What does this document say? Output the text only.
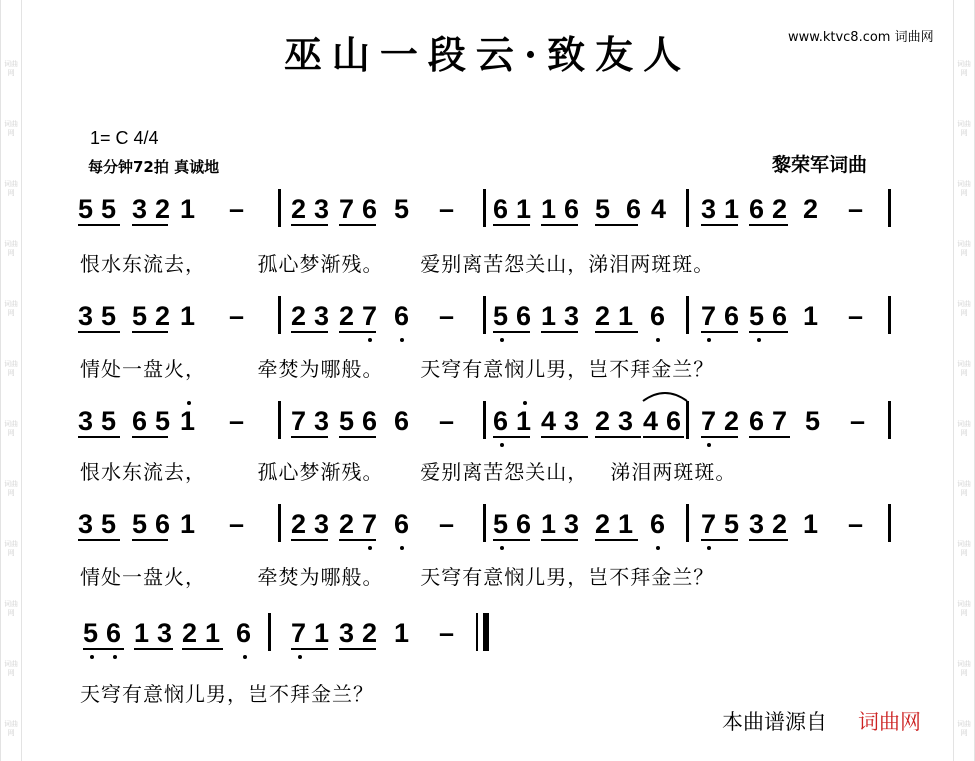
词曲网
词曲网
词曲网
词曲网
词曲网
词曲网
词曲网
词曲网
词曲网
词曲网
词曲网
词曲网
词曲网
词曲网
词曲网
词曲网
词曲网
词曲网
词曲网
词曲网
词曲网
词曲网
词曲网
词曲网
巫山一段云·致友人	www.ktvc8.com 词曲网
1= C 4/4
每分钟72拍 真诚地	黎荣军词曲
5 5 3 2 1 – 2 3 7 6 5 – 6 1 1 6 5 6 4 3 1 6 2 2 –
恨水东流去，       孤心梦渐残。     爱别离苦怨关山，涕泪两斑斑。
3 5 5 2 1 – 2 3 2 7 6 – 5 6 1 3 2 1 6 7 6 5 6 1 –
情处一盘火，       牵焚为哪般。     天穹有意悯儿男，岂不拜金兰？
3 5 6 5 1 – 7 3 5 6 6 – 6 1 4 3 2 3 4 6 7 2 6 7 5 –
恨水东流去，       孤心梦渐残。     爱别离苦怨关山，   涕泪两斑斑。
3 5 5 6 1 – 2 3 2 7 6 – 5 6 1 3 2 1 6 7 5 3 2 1 –
情处一盘火，       牵焚为哪般。     天穹有意悯儿男，岂不拜金兰？
5 6 1 3 2 1 6 7 1 3 2 1 –
天穹有意悯儿男，岂不拜金兰？
本曲谱源自 词曲网
